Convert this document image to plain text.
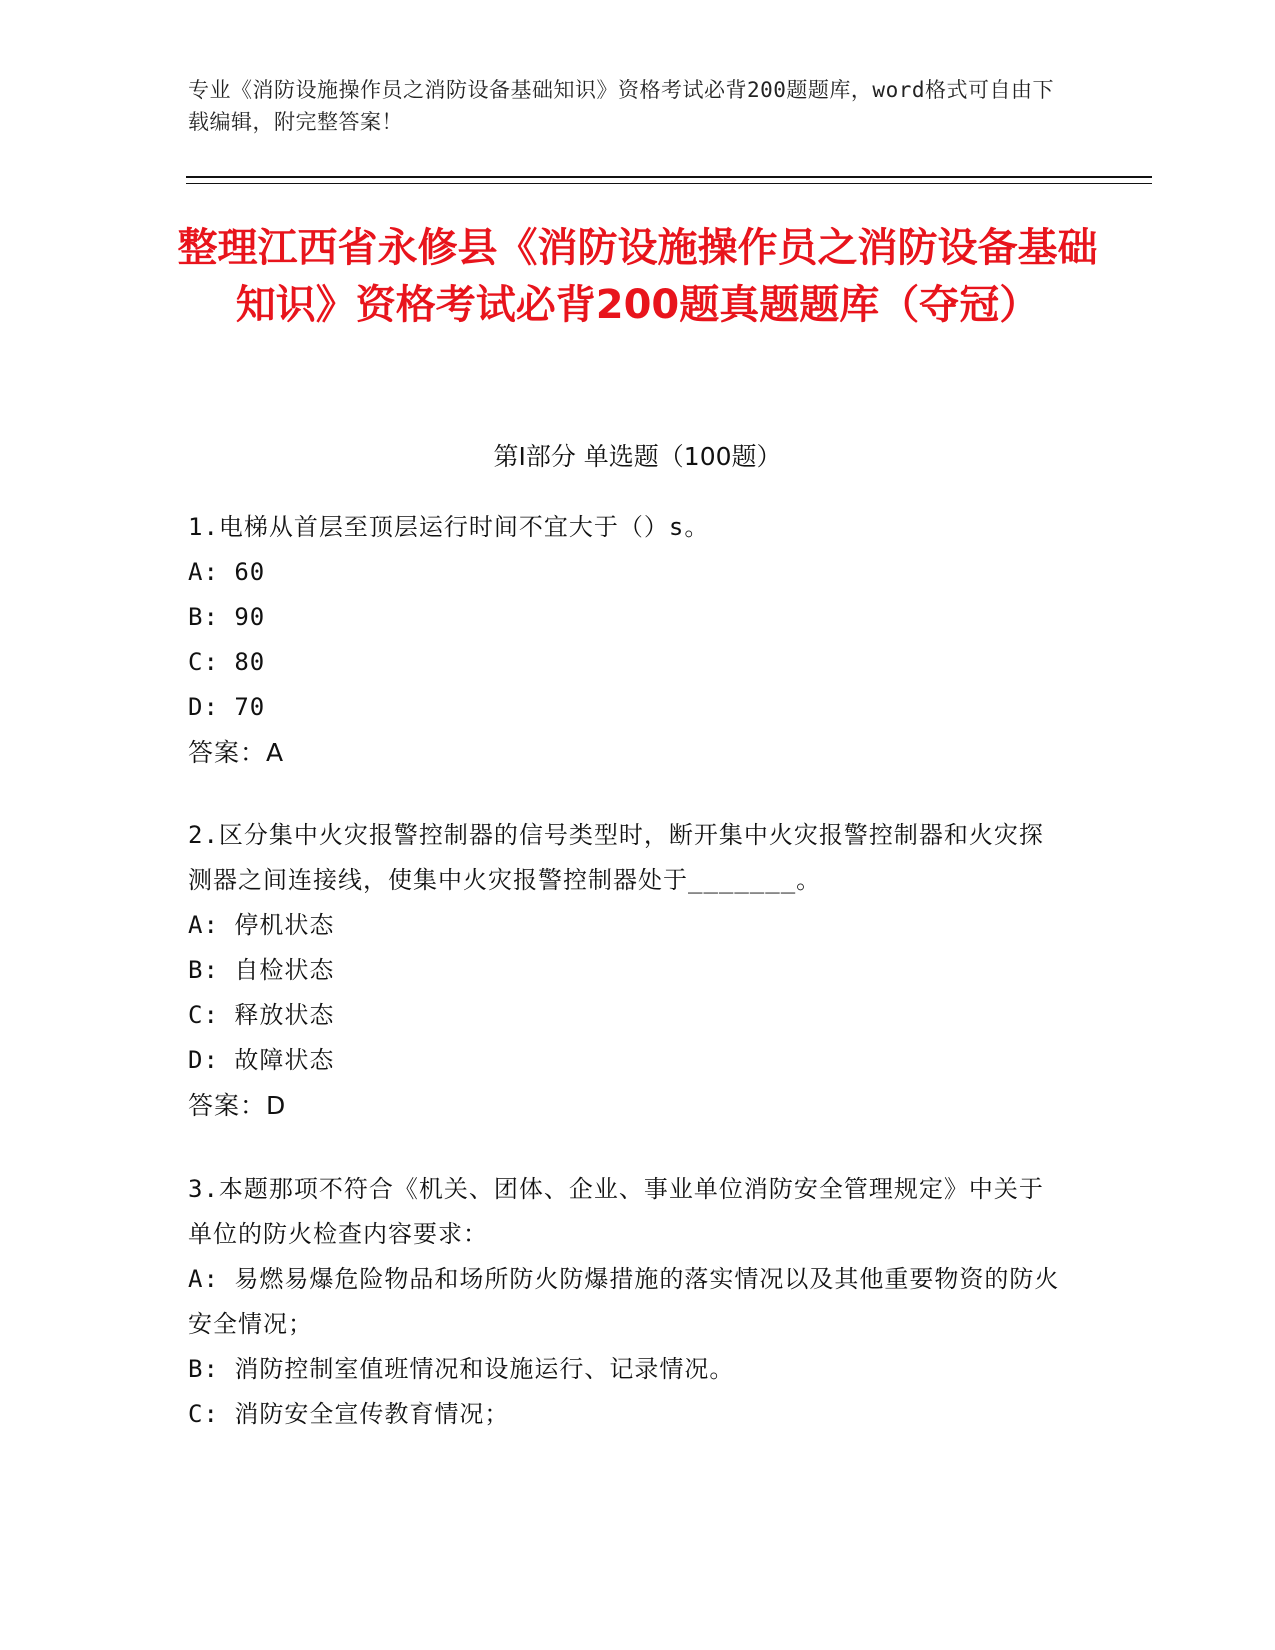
专业《消防设施操作员之消防设备基础知识》资格考试必背200题题库，word格式可自由下载编辑，附完整答案！
整理江西省永修县《消防设施操作员之消防设备基础知识》资格考试必背200题真题题库（夺冠）
第Ⅰ部分 单选题（100题）
1.电梯从首层至顶层运行时间不宜大于（）s。
A: 60
B: 90
C: 80
D: 70
答案：A
2.区分集中火灾报警控制器的信号类型时，断开集中火灾报警控制器和火灾探测器之间连接线，使集中火灾报警控制器处于_______。
A: 停机状态
B: 自检状态
C: 释放状态
D: 故障状态
答案：D
3.本题那项不符合《机关、团体、企业、事业单位消防安全管理规定》中关于单位的防火检查内容要求：
A: 易燃易爆危险物品和场所防火防爆措施的落实情况以及其他重要物资的防火安全情况；
B: 消防控制室值班情况和设施运行、记录情况。
C: 消防安全宣传教育情况；
